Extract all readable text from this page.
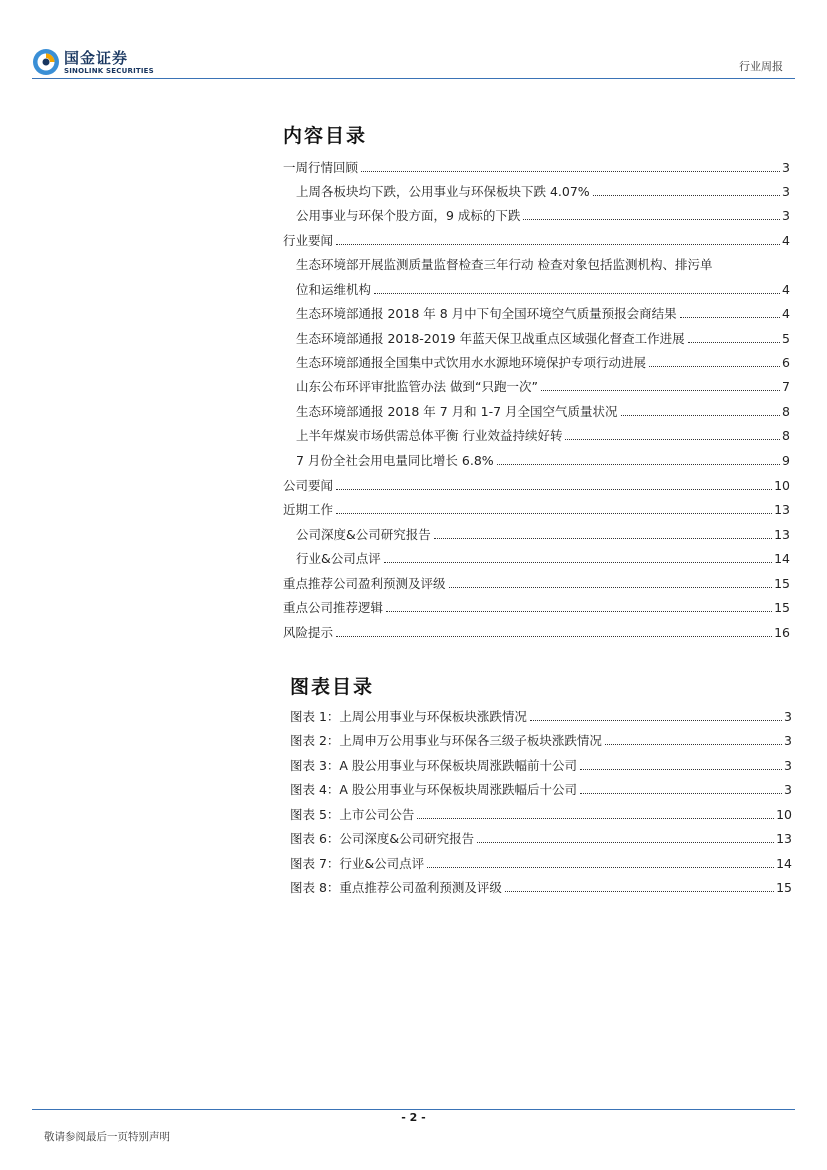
国金证券
SINOLINK SECURITIES	行业周报
内容目录
一周行情回顾	3
上周各板块均下跌，公用事业与环保板块下跌 4.07%	3
公用事业与环保个股方面，9 成标的下跌	3
行业要闻	4
生态环境部开展监测质量监督检查三年行动 检查对象包括监测机构、排污单
位和运维机构	4
生态环境部通报 2018 年 8 月中下旬全国环境空气质量预报会商结果	4
生态环境部通报 2018-2019 年蓝天保卫战重点区域强化督查工作进展	5
生态环境部通报全国集中式饮用水水源地环境保护专项行动进展	6
山东公布环评审批监管办法 做到“只跑一次”	7
生态环境部通报 2018 年 7 月和 1-7 月全国空气质量状况	8
上半年煤炭市场供需总体平衡 行业效益持续好转	8
7 月份全社会用电量同比增长 6.8%	9
公司要闻	10
近期工作	13
公司深度&公司研究报告	13
行业&公司点评	14
重点推荐公司盈利预测及评级	15
重点公司推荐逻辑	15
风险提示	16
图表目录
图表 1：上周公用事业与环保板块涨跌情况	3
图表 2：上周申万公用事业与环保各三级子板块涨跌情况	3
图表 3：A 股公用事业与环保板块周涨跌幅前十公司	3
图表 4：A 股公用事业与环保板块周涨跌幅后十公司	3
图表 5：上市公司公告	10
图表 6：公司深度&公司研究报告	13
图表 7：行业&公司点评	14
图表 8：重点推荐公司盈利预测及评级	15
- 2 -
敬请参阅最后一页特别声明
